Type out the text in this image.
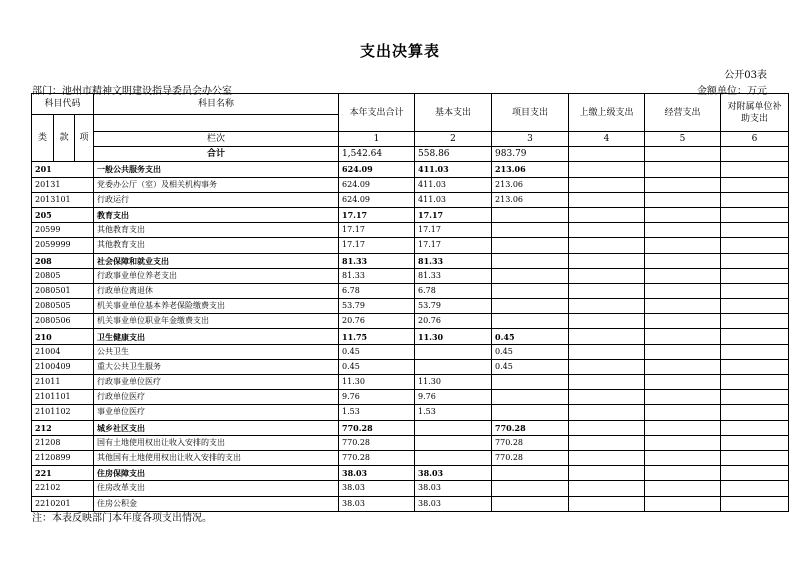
支出决算表
公开03表
部门：池州市精神文明建设指导委员会办公室	金额单位：万元
科目代码			科目名称	本年支出合计	基本支出	项目支出	上缴上级支出	经营支出	对附属单位补助支出
类	款	项							
			栏次	1	2	3	4	5	6
			合计	1,542.64	558.86	983.79			
201			一般公共服务支出	624.09	411.03	213.06			
20131			党委办公厅（室）及相关机构事务	624.09	411.03	213.06			
2013101			行政运行	624.09	411.03	213.06			
205			教育支出	17.17	17.17				
20599			其他教育支出	17.17	17.17				
2059999			其他教育支出	17.17	17.17				
208			社会保障和就业支出	81.33	81.33				
20805			行政事业单位养老支出	81.33	81.33				
2080501			行政单位离退休	6.78	6.78				
2080505			机关事业单位基本养老保险缴费支出	53.79	53.79				
2080506			机关事业单位职业年金缴费支出	20.76	20.76				
210			卫生健康支出	11.75	11.30	0.45			
21004			公共卫生	0.45		0.45			
2100409			重大公共卫生服务	0.45		0.45			
21011			行政事业单位医疗	11.30	11.30				
2101101			行政单位医疗	9.76	9.76				
2101102			事业单位医疗	1.53	1.53				
212			城乡社区支出	770.28		770.28			
21208			国有土地使用权出让收入安排的支出	770.28		770.28			
2120899			其他国有土地使用权出让收入安排的支出	770.28		770.28			
221			住房保障支出	38.03	38.03				
22102			住房改革支出	38.03	38.03				
2210201			住房公积金	38.03	38.03				
注：本表反映部门本年度各项支出情况。
